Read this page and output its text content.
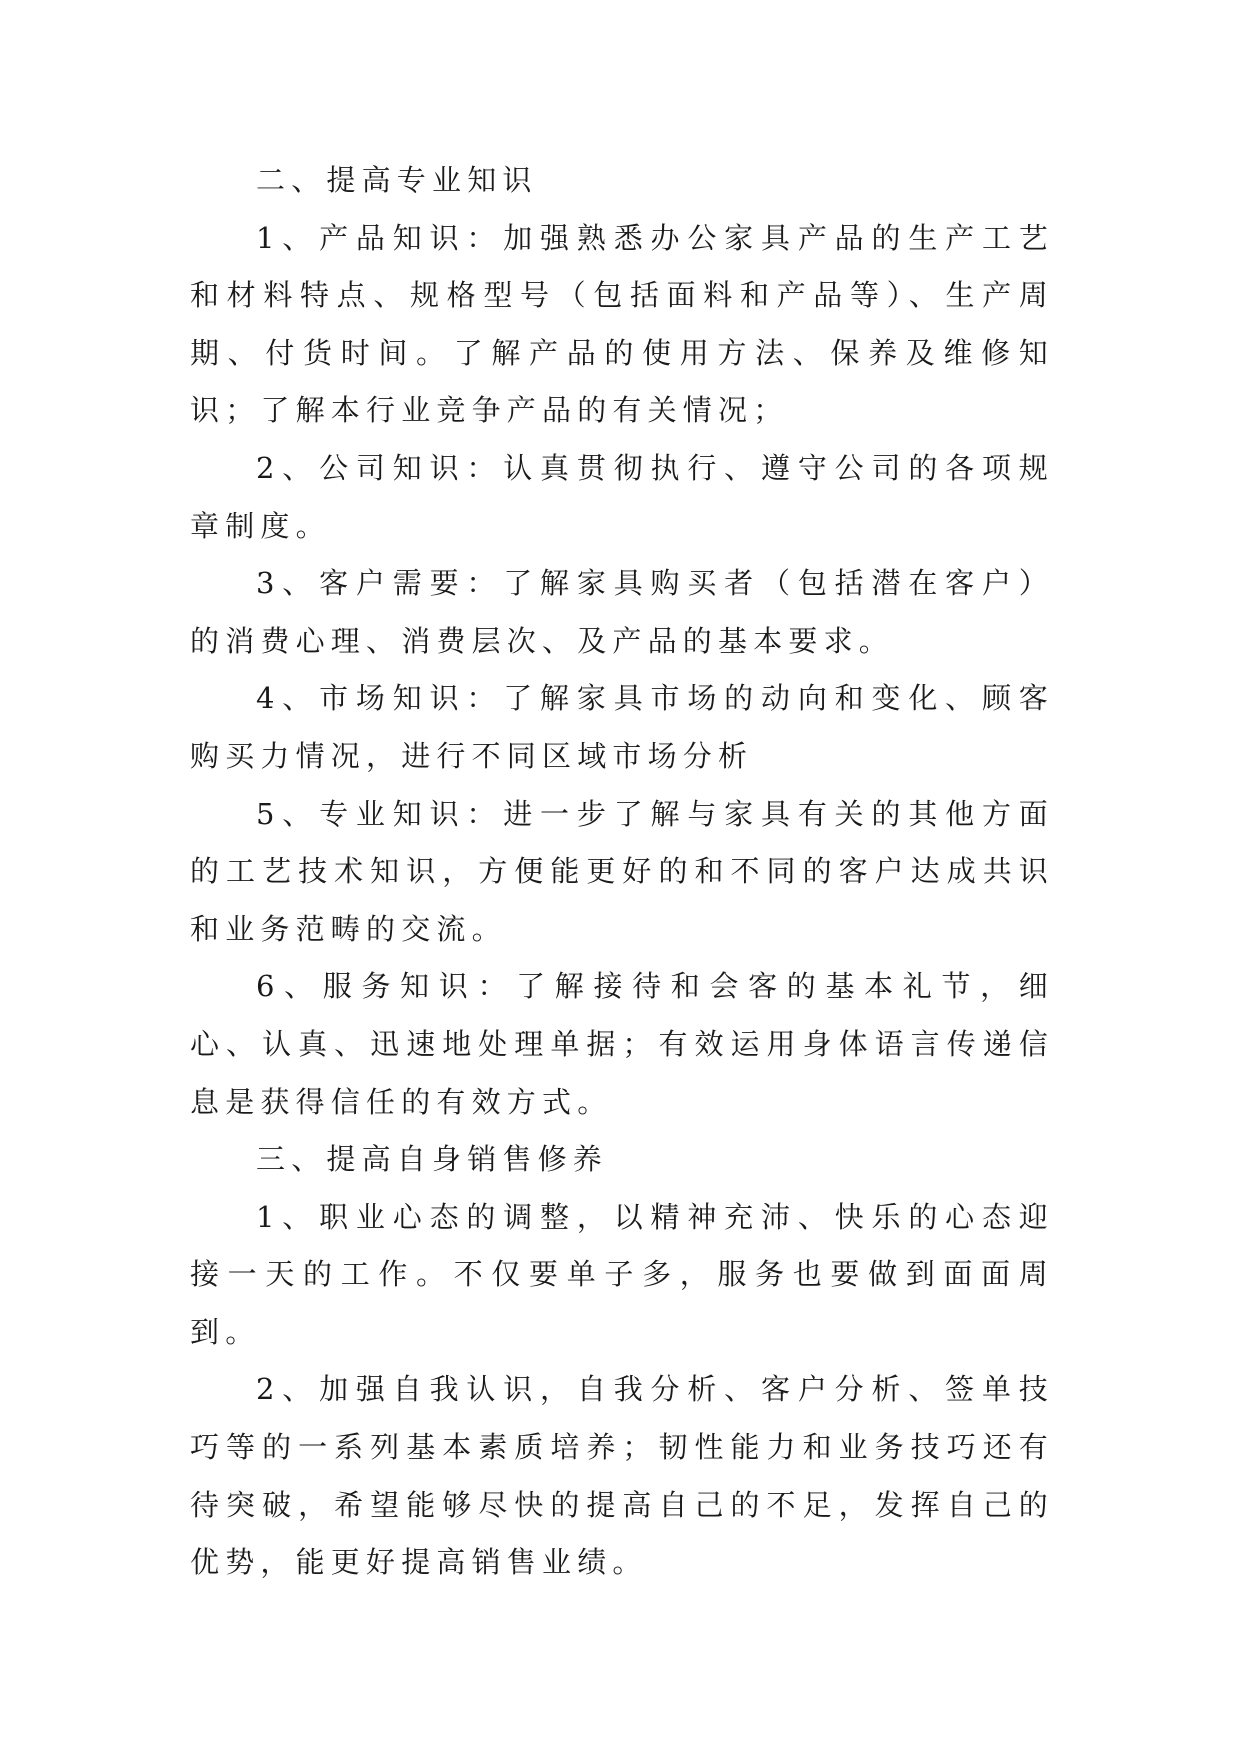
二、提高专业知识

1、产品知识：加强熟悉办公家具产品的生产工艺和材料特点、规格型号（包括面料和产品等）、生产周期、付货时间。了解产品的使用方法、保养及维修知识；了解本行业竞争产品的有关情况；

2、公司知识：认真贯彻执行、遵守公司的各项规章制度。

3、客户需要：了解家具购买者（包括潜在客户）的消费心理、消费层次、及产品的基本要求。

4、市场知识：了解家具市场的动向和变化、顾客购买力情况，进行不同区域市场分析

5、专业知识：进一步了解与家具有关的其他方面的工艺技术知识，方便能更好的和不同的客户达成共识和业务范畴的交流。

6、服务知识：了解接待和会客的基本礼节，细心、认真、迅速地处理单据；有效运用身体语言传递信息是获得信任的有效方式。

三、提高自身销售修养

1、职业心态的调整，以精神充沛、快乐的心态迎接一天的工作。不仅要单子多，服务也要做到面面周到。

2、加强自我认识，自我分析、客户分析、签单技巧等的一系列基本素质培养；韧性能力和业务技巧还有待突破，希望能够尽快的提高自己的不足，发挥自己的优势，能更好提高销售业绩。
